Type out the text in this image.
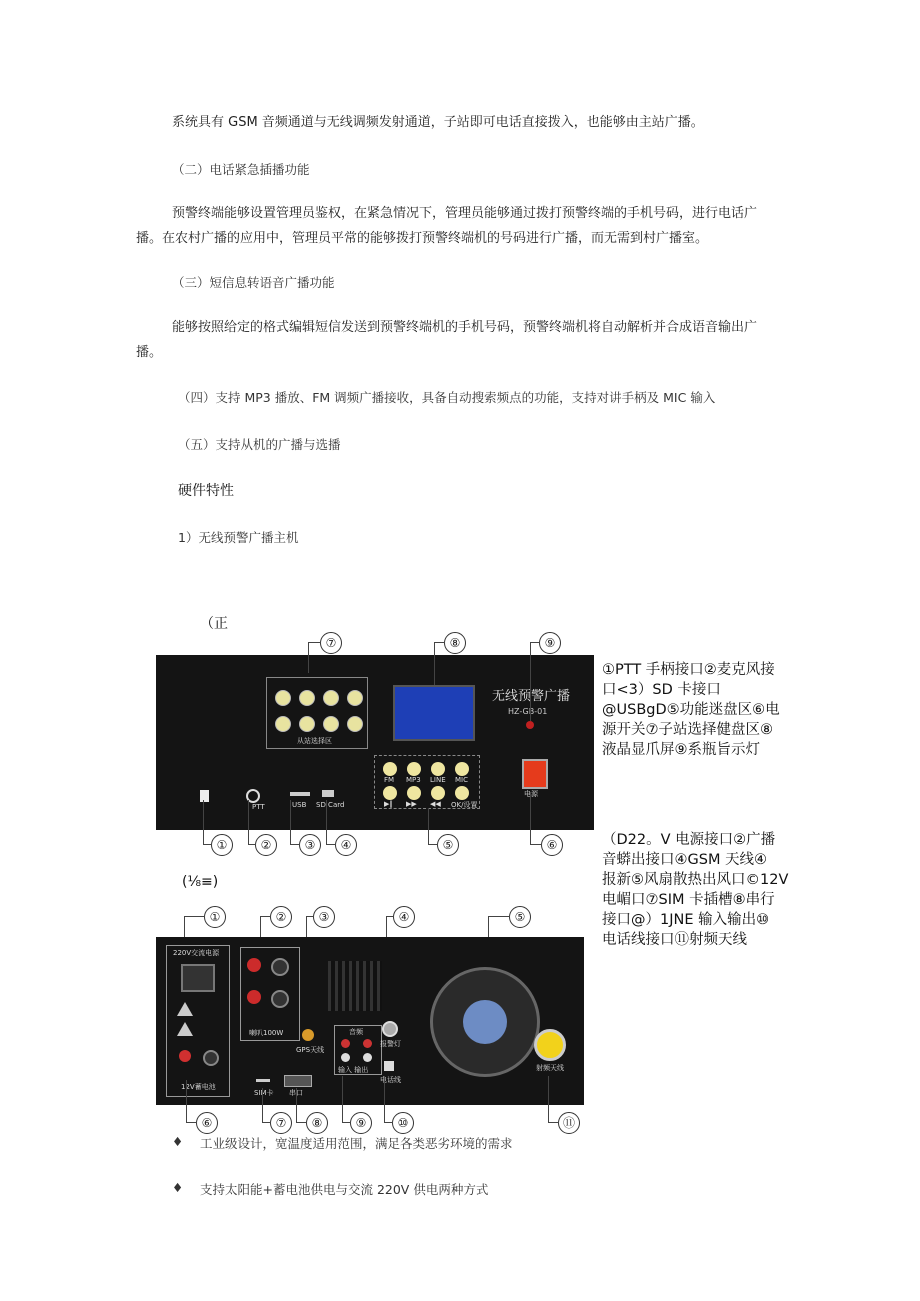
系统具有 GSM 音频通道与无线调频发射通道，子站即可电话直接拨入，也能够由主站广播。
（二）电话紧急插播功能
预警终端能够设置管理员鉴权，在紧急情况下，管理员能够通过拨打预警终端的手机号码，进行电话广
播。在农村广播的应用中，管理员平常的能够拨打预警终端机的号码进行广播，而无需到村广播室。
（三）短信息转语音广播功能
能够按照给定的格式编辑短信发送到预警终端机的手机号码，预警终端机将自动解析并合成语音输出广
播。
（四）支持 MP3 播放、FM 调频广播接收，具备自动搜索频点的功能，支持对讲手柄及 MIC 输入
（五）支持从机的广播与选播
硬件特性
1）无线预警广播主机
（正
从站选择区
无线预警广播
HZ-GB-01
电源
FM MP3 LINE MIC
▶‖ ▶▶ ◀◀ OK/设置
PTT	USB SD Card
⑦	⑧	⑨
①	②	③	④	⑤	⑥
①PTT 手柄接口②麦克风接
口<3）SD 卡接口
@USBgD⑤功能迷盘区⑥电
源开关⑦子站选择健盘区⑧
液晶显爪屏⑨系瓶旨示灯
(⅛≡)
①	②	③	④	⑤
220V交流电源
12V蓄电池
喇叭100W
GPS天线
音频
输入 输出
报警灯
电话线
串口
SIM卡
射频天线
⑥	⑦	⑧	⑨	⑩	⑪
（D22。V 电源接口②广播
音蟒出接口④GSM 天线④
报新⑤风扇散热出风口©12V
电嵋口⑦SIM 卡插槽⑧串行
接口@）1JNE 输入输出⑩
电话线接口⑪射频天线
♦ 工业级设计，宽温度适用范围，满足各类恶劣环境的需求
♦ 支持太阳能+蓄电池供电与交流 220V 供电两种方式
